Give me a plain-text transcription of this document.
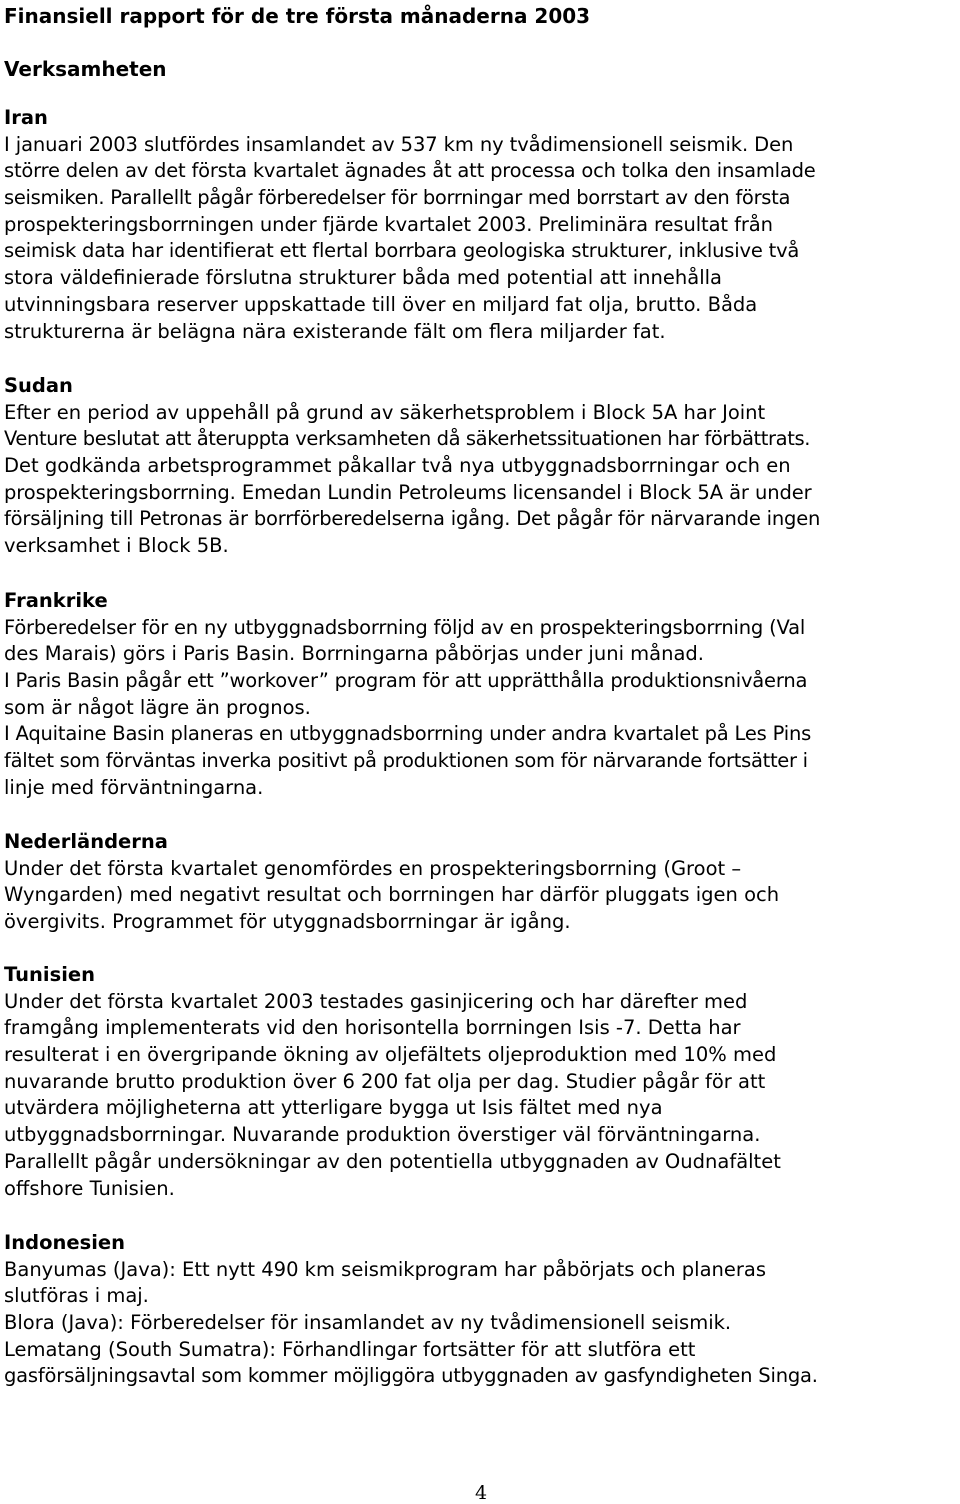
Finansiell rapport för de tre första månaderna 2003
Verksamheten
Iran
I januari 2003 slutfördes insamlandet av 537 km ny tvådimensionell seismik. Den
större delen av det första kvartalet ägnades åt att processa och tolka den insamlade
seismiken. Parallellt pågår förberedelser för borrningar med borrstart av den första
prospekteringsborrningen under fjärde kvartalet 2003. Preliminära resultat från
seimisk data har identifierat ett flertal borrbara geologiska strukturer, inklusive två
stora väldefinierade förslutna strukturer båda med potential att innehålla
utvinningsbara reserver uppskattade till över en miljard fat olja, brutto. Båda
strukturerna är belägna nära existerande fält om flera miljarder fat.
Sudan
Efter en period av uppehåll på grund av säkerhetsproblem i Block 5A har Joint
Venture beslutat att återuppta verksamheten då säkerhetssituationen har förbättrats.
Det godkända arbetsprogrammet påkallar två nya utbyggnadsborrningar och en
prospekteringsborrning. Emedan Lundin Petroleums licensandel i Block 5A är under
försäljning till Petronas är borrförberedelserna igång. Det pågår för närvarande ingen
verksamhet i Block 5B.
Frankrike
Förberedelser för en ny utbyggnadsborrning följd av en prospekteringsborrning (Val
des Marais) görs i Paris Basin. Borrningarna påbörjas under juni månad.
I Paris Basin pågår ett ”workover” program för att upprätthålla produktionsnivåerna
som är något lägre än prognos.
I Aquitaine Basin planeras en utbyggnadsborrning under andra kvartalet på Les Pins
fältet som förväntas inverka positivt på produktionen som för närvarande fortsätter i
linje med förväntningarna.
Nederländerna
Under det första kvartalet genomfördes en prospekteringsborrning (Groot –
Wyngarden) med negativt resultat och borrningen har därför pluggats igen och
övergivits. Programmet för utyggnadsborrningar är igång.
Tunisien
Under det första kvartalet 2003 testades gasinjicering och har därefter med
framgång implementerats vid den horisontella borrningen Isis -7. Detta har
resulterat i en övergripande ökning av oljefältets oljeproduktion med 10% med
nuvarande brutto produktion över 6 200 fat olja per dag. Studier pågår för att
utvärdera möjligheterna att ytterligare bygga ut Isis fältet med nya
utbyggnadsborrningar. Nuvarande produktion överstiger väl förväntningarna.
Parallellt pågår undersökningar av den potentiella utbyggnaden av Oudnafältet
offshore Tunisien.
Indonesien
Banyumas (Java): Ett nytt 490 km seismikprogram har påbörjats och planeras
slutföras i maj.
Blora (Java): Förberedelser för insamlandet av ny tvådimensionell seismik.
Lematang (South Sumatra): Förhandlingar fortsätter för att slutföra ett
gasförsäljningsavtal som kommer möjliggöra utbyggnaden av gasfyndigheten Singa.
4
